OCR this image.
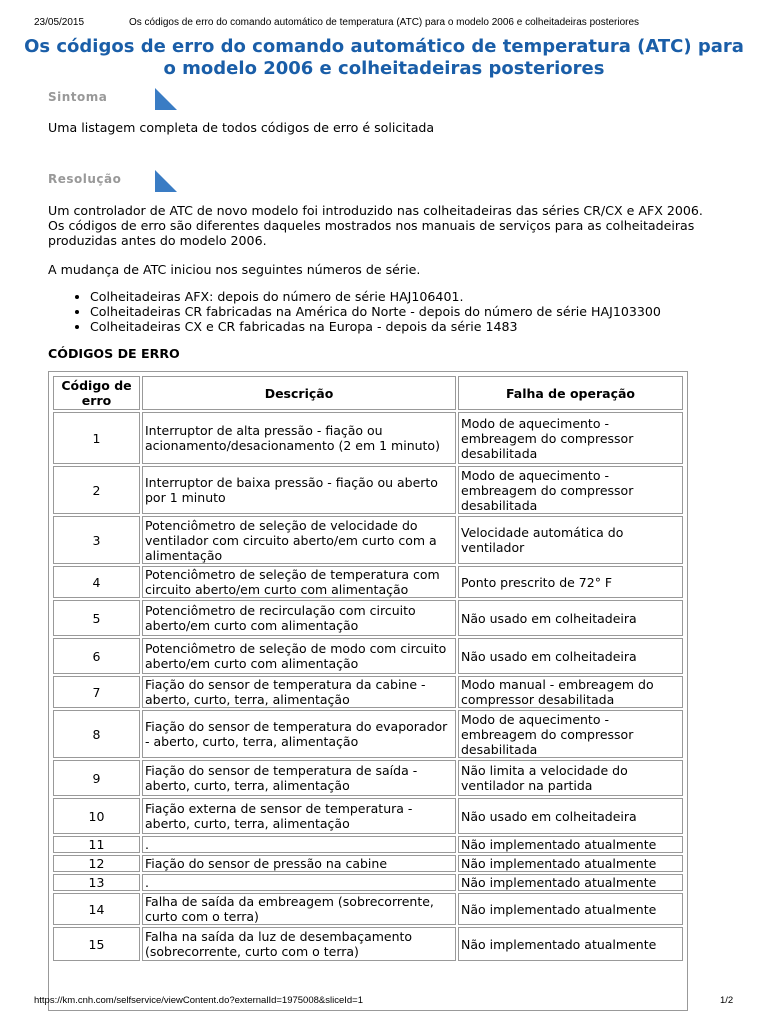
23/05/2015	Os códigos de erro do comando automático de temperatura (ATC) para o modelo 2006 e colheitadeiras posteriores
Os códigos de erro do comando automático de temperatura (ATC) para o modelo 2006 e colheitadeiras posteriores
Sintoma
Uma listagem completa de todos códigos de erro é solicitada
Resolução
Um controlador de ATC de novo modelo foi introduzido nas colheitadeiras das séries CR/CX e AFX 2006. Os códigos de erro são diferentes daqueles mostrados nos manuais de serviços para as colheitadeiras produzidas antes do modelo 2006.
A mudança de ATC iniciou nos seguintes números de série.
• Colheitadeiras AFX: depois do número de série HAJ106401.
• Colheitadeiras CR fabricadas na América do Norte - depois do número de série HAJ103300
• Colheitadeiras CX e CR fabricadas na Europa - depois da série 1483
CÓDIGOS DE ERRO
Código de erro	Descrição	Falha de operação
1	Interruptor de alta pressão - fiação ou acionamento/desacionamento (2 em 1 minuto)	Modo de aquecimento - embreagem do compressor desabilitada
2	Interruptor de baixa pressão - fiação ou aberto por 1 minuto	Modo de aquecimento - embreagem do compressor desabilitada
3	Potenciômetro de seleção de velocidade do ventilador com circuito aberto/em curto com a alimentação	Velocidade automática do ventilador
4	Potenciômetro de seleção de temperatura com circuito aberto/em curto com alimentação	Ponto prescrito de 72° F
5	Potenciômetro de recirculação com circuito aberto/em curto com alimentação	Não usado em colheitadeira
6	Potenciômetro de seleção de modo com circuito aberto/em curto com alimentação	Não usado em colheitadeira
7	Fiação do sensor de temperatura da cabine - aberto, curto, terra, alimentação	Modo manual - embreagem do compressor desabilitada
8	Fiação do sensor de temperatura do evaporador - aberto, curto, terra, alimentação	Modo de aquecimento - embreagem do compressor desabilitada
9	Fiação do sensor de temperatura de saída - aberto, curto, terra, alimentação	Não limita a velocidade do ventilador na partida
10	Fiação externa de sensor de temperatura - aberto, curto, terra, alimentação	Não usado em colheitadeira
11	.	Não implementado atualmente
12	Fiação do sensor de pressão na cabine	Não implementado atualmente
13	.	Não implementado atualmente
14	Falha de saída da embreagem (sobrecorrente, curto com o terra)	Não implementado atualmente
15	Falha na saída da luz de desembaçamento (sobrecorrente, curto com o terra)	Não implementado atualmente
https://km.cnh.com/selfservice/viewContent.do?externalId=1975008&sliceId=1	1/2
